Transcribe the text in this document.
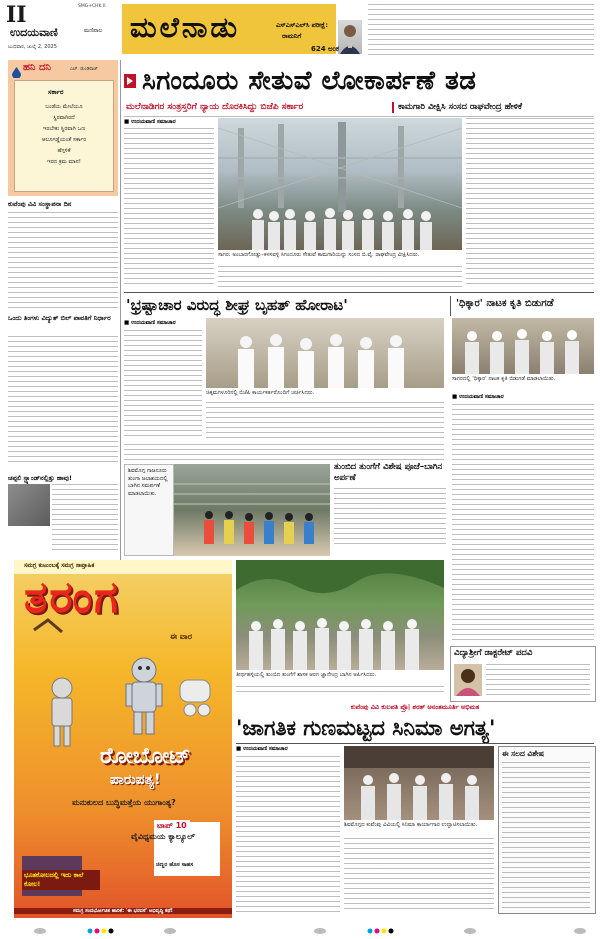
II	SMG+CHK II
ಉದಯವಾಣಿ	ಮಣಿಪಾಲ
ಬುಧವಾರ, ಜುಲೈ 2, 2025
ಮಲೆನಾಡು	ಎಸ್ಎಸ್ಎಲ್‌ಸಿ ಪರೀಕ್ಷೆ:
ರಾಮನಿಗೆ
624 ಅಂಕ
ಹನಿ ದನಿ	ಎಚ್. ಡುಂಡಿರಾಜ್
ಸರ್ಕಾರ
ಬಂಡೆಯ ಮೇಲೆಯೂ
ಸ್ಥಿರವಾಗಿರದೆ
ಇರಬೇಕು ಸ್ಥಿರವಾಗಿ ಒಣ
ಆಲೂಗಡ್ಡೆಯಂತೆ ಸರ್ಕಾರ
ಹೆಗ್ಗಳಿಕೆ
ಇರದ ಕ್ರಮ ಮಾನ!
ಕುವೆಂಪು ವಿವಿ ಸಂಸ್ಥಾಪನಾ ದಿನ
ಒಂದು ತಿಂಗಳು ವಿದ್ಯುತ್ ಬಿಲ್ ಪಾವತಿಗೆ ನಿರ್ಧಾರ
ಚಪ್ಪಲಿ ಸ್ಟ್ಯಾಂಡ್‌ನಲ್ಲಿತ್ತು ಹಾವು!
ಸಿಗಂದೂರು ಸೇತುವೆ ಲೋಕಾರ್ಪಣೆ ತಡ
ಮಲೆನಾಡಿಗರ ಸಂತ್ರಸ್ತರಿಗೆ ನ್ಯಾಯ ದೊರಕಿಸಿದ್ದು ಬಿಜೆಪಿ ಸರ್ಕಾರ	ಕಾಮಗಾರಿ ವೀಕ್ಷಿಸಿ ಸಂಸದ ರಾಘವೇಂದ್ರ ಹೇಳಿಕೆ
■ ಉದಯವಾಣಿ ಸಮಾಚಾರ
ಸಾಗರ: ಅಂಬಾರಗೋಡ್ಲು–ಕಳಸವಳ್ಳಿ ಸಿಗಂದೂರು ಸೇತುವೆ ಕಾಮಗಾರಿಯನ್ನು ಸಂಸದ ಬಿ.ವೈ. ರಾಘವೇಂದ್ರ ವೀಕ್ಷಿಸಿದರು.
'ಭ್ರಷ್ಟಾಚಾರ ವಿರುದ್ಧ ಶೀಘ್ರ ಬೃಹತ್‌ ಹೋರಾಟ'	'ಧಿಕ್ಕಾರ' ನಾಟಕ ಕೃತಿ ಬಿಡುಗಡೆ
■ ಉದಯವಾಣಿ ಸಮಾಚಾರ
ಚಿಕ್ಕಮಗಳೂರಿನಲ್ಲಿ ಬಿಜೆಪಿ ಕಾರ್ಯಕರ್ತರೊಂದಿಗೆ ಚರ್ಚಿಸಿದರು.
ಸಾಗರದಲ್ಲಿ 'ಧಿಕ್ಕಾರ' ನಾಟಕ ಕೃತಿ ಬಿಡುಗಡೆ ಮಾಡಲಾಯಿತು.
■ ಉದಯವಾಣಿ ಸಮಾಚಾರ
ತುಂಬಿದ ತುಂಗೆಗೆ ವಿಶೇಷ ಪೂಜೆ–ಬಾಗಿನ ಅರ್ಪಣೆ
ಶಿವಮೊಗ್ಗ ಗಾಜನೂರು ತುಂಗಾ ಜಲಾಶಯದಲ್ಲಿ ಬಾಗಿನ ಸಮರ್ಪಣೆ ಮಾಡಲಾಯಿತು.
ತೀರ್ಥಹಳ್ಳಿಯಲ್ಲಿ ತುಂಬಿದ ತುಂಗೆಗೆ ಶಾಸಕ ಆರಗ ಜ್ಞಾನೇಂದ್ರ ಬಾಗಿನ ಅರ್ಪಿಸಿದರು.
ವಿದ್ಯಾಶ್ರೀಗೆ ಡಾಕ್ಟರೇಟ್‌ ಪದವಿ
ಕುವೆಂಪು ವಿವಿ ಕುಲಪತಿ ಪ್ರೊ| ಶರತ್‌ ಅನಂತಮೂರ್ತಿ ಅಭಿಮತ
'ಜಾಗತಿಕ ಗುಣಮಟ್ಟದ ಸಿನಿಮಾ ಅಗತ್ಯ'
■ ಉದಯವಾಣಿ ಸಮಾಚಾರ
ಶಿವಮೊಗ್ಗದ ಕುವೆಂಪು ವಿವಿಯಲ್ಲಿ ಸಿನಿಮಾ ಕಾರ್ಯಾಗಾರ ಉದ್ಘಾಟಿಸಲಾಯಿತು.
ಈ ಸಲದ ವಿಶೇಷ
ಸಮಗ್ರ ಕುಟುಂಬಕ್ಕೆ ಸಮಗ್ರ ಸಾಪ್ತಾಹಿಕ
ತರಂಗ
ಈ ವಾರ
ರೋಬೋಟ್
ಪಾರುಪತ್ಯ!
ಮನುಕುಲದ ಬುದ್ಧಿಮತ್ತೆಯ ಯುಗಾಂತ್ಯ?
ಟಾಪ್ 10
ವೈವಿಧ್ಯಮಯ ಕ್ಯಾಲ್ಯೂಲ್
ಚಿಣ್ಣರ ಹೊಸ ಸಾಹಸ
ಭೂತಕೋಲದಲ್ಲಿ ಇದು ಕಾಲೆ ಕೋಲ!
ಸಮಗ್ರ ಸಂದರ್ಭೋಚಿತ ಹಾರಿಕೆ: 'ಈ ಭರವಸೆ' ಅಭಿವೃದ್ಧಿ ಕಥೆ!
